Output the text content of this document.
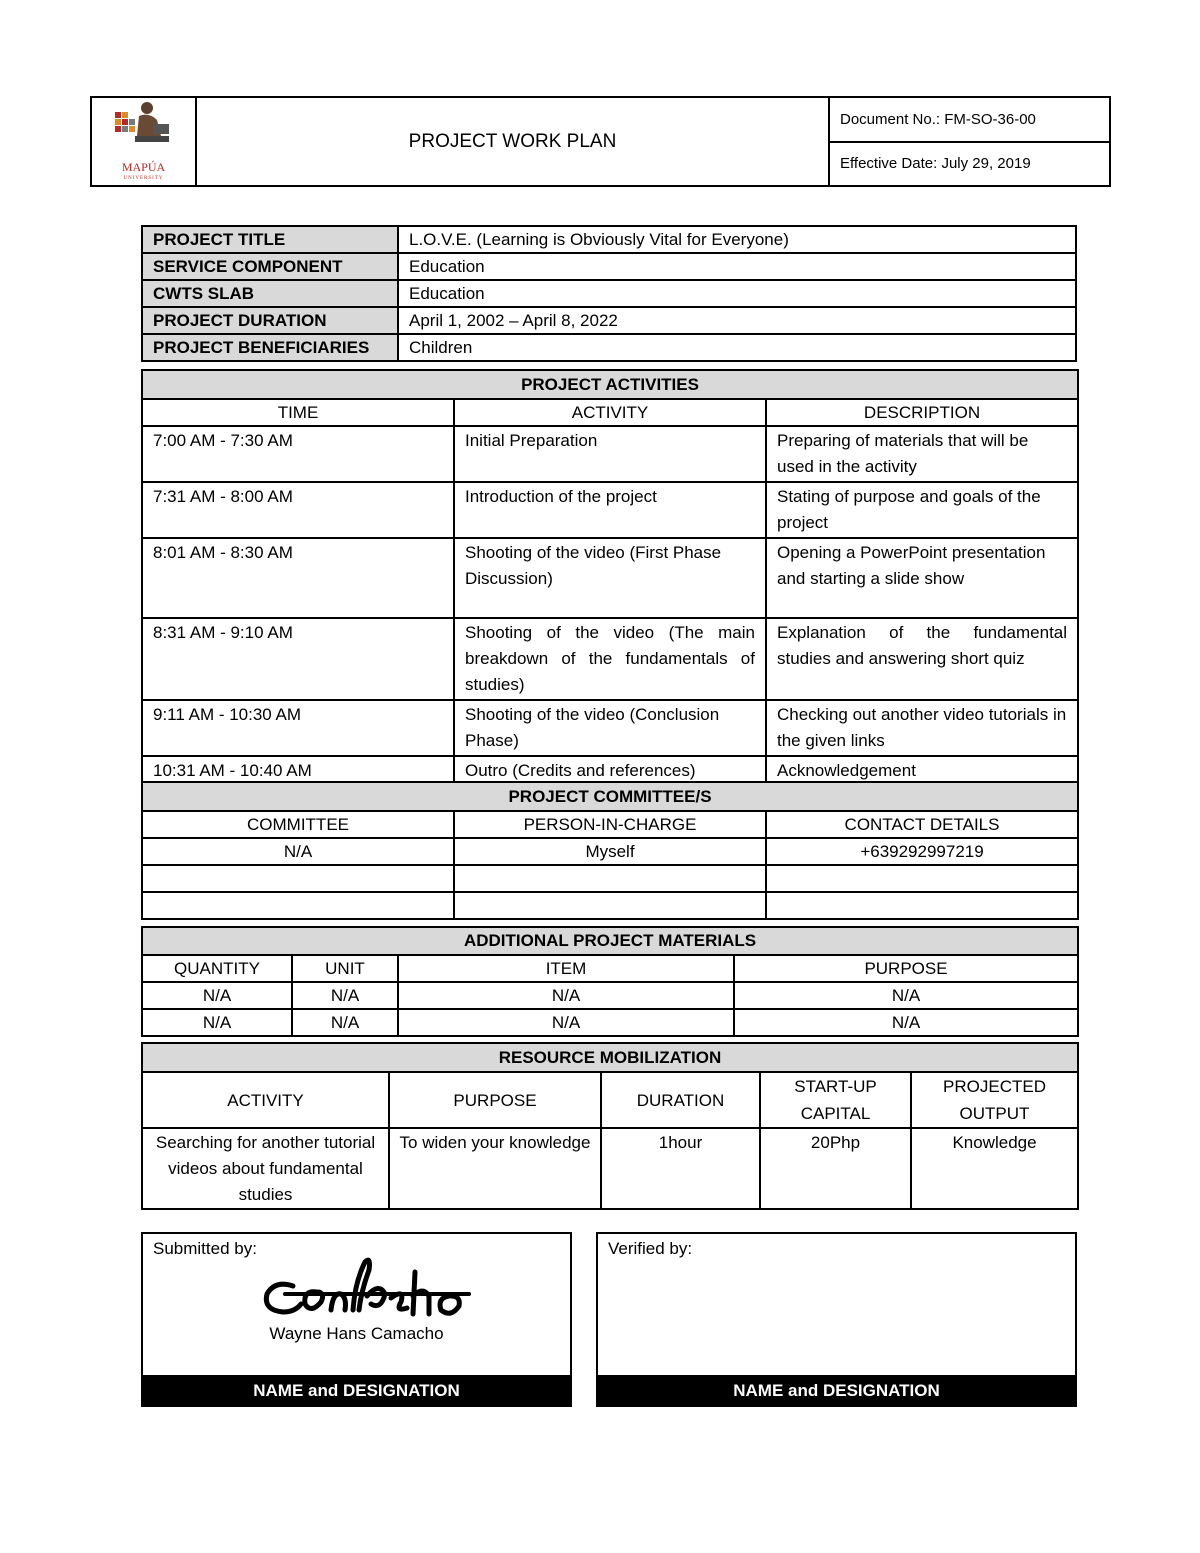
MAPÚA
UNIVERSITY
	PROJECT WORK PLAN	Document No.: FM-SO-36-00
Effective Date: July 29, 2019
PROJECT TITLE	L.O.V.E. (Learning is Obviously Vital for Everyone)
SERVICE COMPONENT	Education
CWTS SLAB	Education
PROJECT DURATION	April 1, 2002 – April 8, 2022
PROJECT BENEFICIARIES	Children
PROJECT ACTIVITIES		
TIME	ACTIVITY	DESCRIPTION
7:00 AM - 7:30 AM	Initial Preparation	Preparing of materials that will be used in the activity
7:31 AM - 8:00 AM	Introduction of the project	Stating of purpose and goals of the project
8:01 AM - 8:30 AM	Shooting of the video (First Phase Discussion)	Opening a PowerPoint presentation and starting a slide show
8:31 AM - 9:10 AM	Shooting of the video (The main breakdown of the fundamentals of studies)	Explanation of the fundamental studies and answering short quiz
9:11 AM - 10:30 AM	Shooting of the video (Conclusion Phase)	Checking out another video tutorials in the given links
10:31 AM - 10:40 AM	Outro (Credits and references)	Acknowledgement
PROJECT COMMITTEE/S		
COMMITTEE	PERSON-IN-CHARGE	CONTACT DETAILS
N/A	Myself	+639292997219

ADDITIONAL PROJECT MATERIALS			
QUANTITY	UNIT	ITEM	PURPOSE
N/A	N/A	N/A	N/A
N/A	N/A	N/A	N/A
RESOURCE MOBILIZATION				
ACTIVITY	PURPOSE	DURATION	START-UP CAPITAL	PROJECTED OUTPUT
Searching for another tutorial videos about fundamental studies	To widen your knowledge	1hour	20Php	Knowledge
Submitted by:
Wayne Hans Camacho
NAME and DESIGNATION
Verified by:
NAME and DESIGNATION
